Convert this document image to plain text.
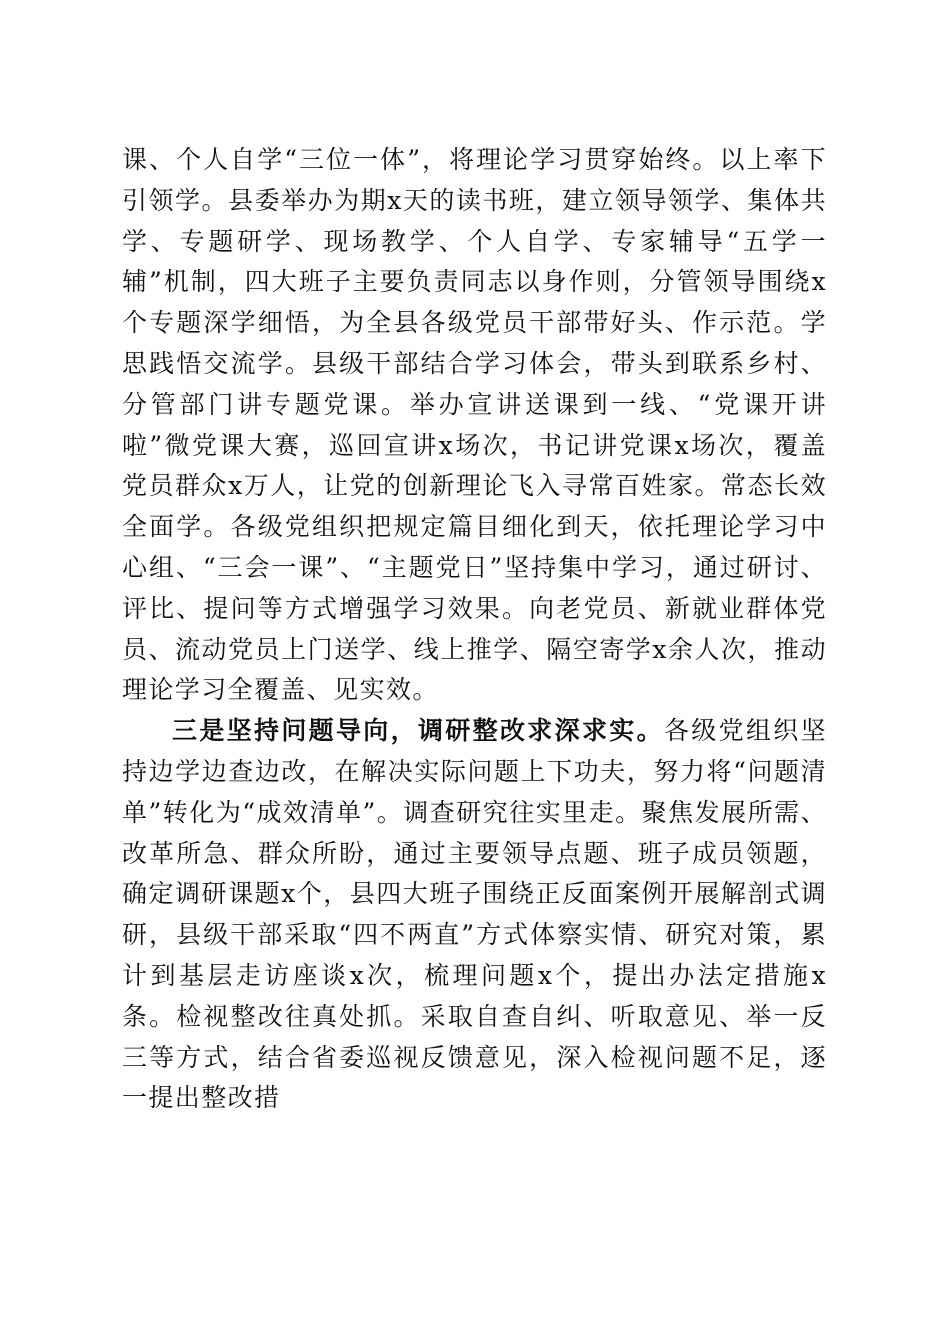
课、个人自学“三位一体”，将理论学习贯穿始终。以上率下引领学。县委举办为期x天的读书班，建立领导领学、集体共学、专题研学、现场教学、个人自学、专家辅导“五学一辅”机制，四大班子主要负责同志以身作则，分管领导围绕x个专题深学细悟，为全县各级党员干部带好头、作示范。学思践悟交流学。县级干部结合学习体会，带头到联系乡村、分管部门讲专题党课。举办宣讲送课到一线、“党课开讲啦”微党课大赛，巡回宣讲x场次，书记讲党课x场次，覆盖党员群众x万人，让党的创新理论飞入寻常百姓家。常态长效全面学。各级党组织把规定篇目细化到天，依托理论学习中心组、“三会一课”、“主题党日”坚持集中学习，通过研讨、评比、提问等方式增强学习效果。向老党员、新就业群体党员、流动党员上门送学、线上推学、隔空寄学x余人次，推动理论学习全覆盖、见实效。

三是坚持问题导向，调研整改求深求实。各级党组织坚持边学边查边改，在解决实际问题上下功夫，努力将“问题清单”转化为“成效清单”。调查研究往实里走。聚焦发展所需、改革所急、群众所盼，通过主要领导点题、班子成员领题，确定调研课题x个，县四大班子围绕正反面案例开展解剖式调研，县级干部采取“四不两直”方式体察实情、研究对策，累计到基层走访座谈x次，梳理问题x个，提出办法定措施x条。检视整改往真处抓。采取自查自纠、听取意见、举一反三等方式，结合省委巡视反馈意见，深入检视问题不足，逐一提出整改措
